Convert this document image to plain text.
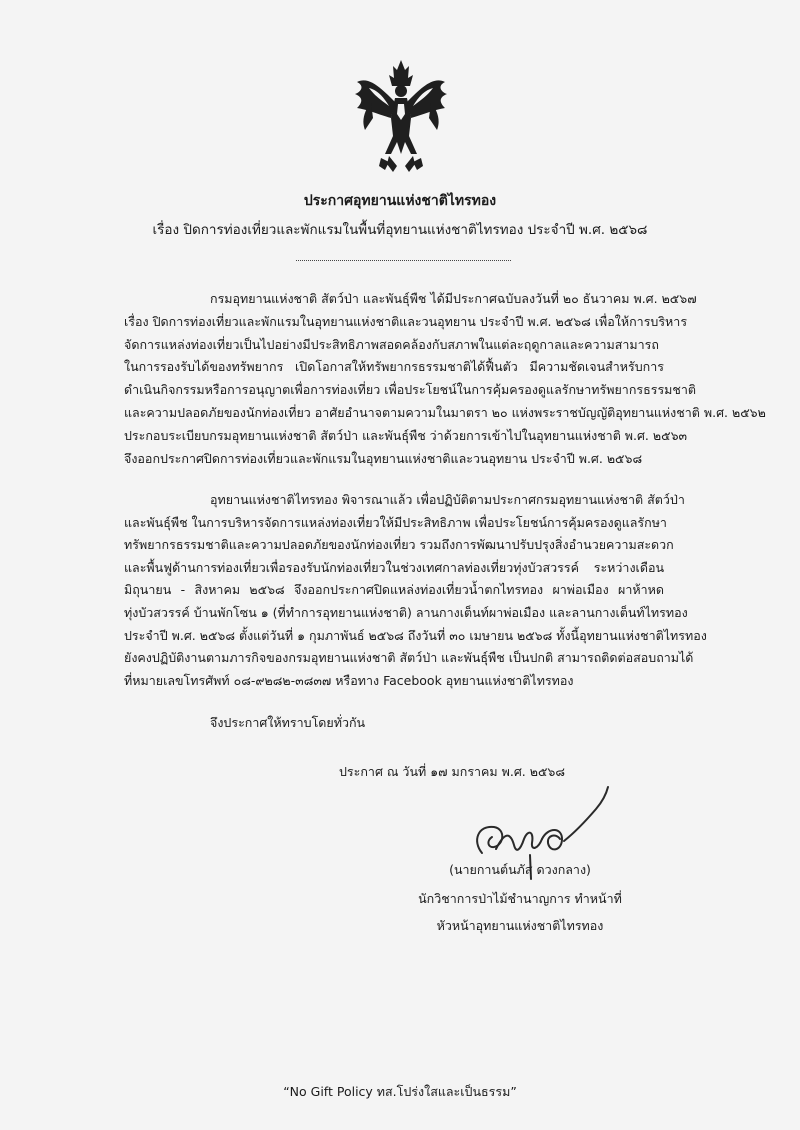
ประกาศอุทยานแห่งชาติไทรทอง
เรื่อง ปิดการท่องเที่ยวและพักแรมในพื้นที่อุทยานแห่งชาติไทรทอง ประจำปี พ.ศ. ๒๕๖๘
กรมอุทยานแห่งชาติ สัตว์ป่า และพันธุ์พืช ได้มีประกาศฉบับลงวันที่ ๒๐ ธันวาคม พ.ศ. ๒๕๖๗
เรื่อง ปิดการท่องเที่ยวและพักแรมในอุทยานแห่งชาติและวนอุทยาน ประจำปี พ.ศ. ๒๕๖๘ เพื่อให้การบริหาร
จัดการแหล่งท่องเที่ยวเป็นไปอย่างมีประสิทธิภาพสอดคล้องกับสภาพในแต่ละฤดูกาลและความสามารถ
ในการรองรับได้ของทรัพยากร เปิดโอกาสให้ทรัพยากรธรรมชาติได้ฟื้นตัว มีความชัดเจนสำหรับการ
ดำเนินกิจกรรมหรือการอนุญาตเพื่อการท่องเที่ยว เพื่อประโยชน์ในการคุ้มครองดูแลรักษาทรัพยากรธรรมชาติ
และความปลอดภัยของนักท่องเที่ยว อาศัยอำนาจตามความในมาตรา ๒๐ แห่งพระราชบัญญัติอุทยานแห่งชาติ พ.ศ. ๒๕๖๒
ประกอบระเบียบกรมอุทยานแห่งชาติ สัตว์ป่า และพันธุ์พืช ว่าด้วยการเข้าไปในอุทยานแห่งชาติ พ.ศ. ๒๕๖๓
จึงออกประกาศปิดการท่องเที่ยวและพักแรมในอุทยานแห่งชาติและวนอุทยาน ประจำปี พ.ศ. ๒๕๖๘
อุทยานแห่งชาติไทรทอง พิจารณาแล้ว เพื่อปฏิบัติตามประกาศกรมอุทยานแห่งชาติ สัตว์ป่า
และพันธุ์พืช ในการบริหารจัดการแหล่งท่องเที่ยวให้มีประสิทธิภาพ เพื่อประโยชน์การคุ้มครองดูแลรักษา
ทรัพยากรธรรมชาติและความปลอดภัยของนักท่องเที่ยว รวมถึงการพัฒนาปรับปรุงสิ่งอำนวยความสะดวก
และพื้นฟูด้านการท่องเที่ยวเพื่อรองรับนักท่องเที่ยวในช่วงเทศกาลท่องเที่ยวทุ่งบัวสวรรค์ ระหว่างเดือน
มิถุนายน - สิงหาคม ๒๕๖๘ จึงออกประกาศปิดแหล่งท่องเที่ยวน้ำตกไทรทอง ผาพ่อเมือง ผาห้าหด
ทุ่งบัวสวรรค์ บ้านพักโซน ๑ (ที่ทำการอุทยานแห่งชาติ) ลานกางเต็นท์ผาพ่อเมือง และลานกางเต็นท์ไทรทอง
ประจำปี พ.ศ. ๒๕๖๘ ตั้งแต่วันที่ ๑ กุมภาพันธ์ ๒๕๖๘ ถึงวันที่ ๓๐ เมษายน ๒๕๖๘ ทั้งนี้อุทยานแห่งชาติไทรทอง
ยังคงปฏิบัติงานตามภารกิจของกรมอุทยานแห่งชาติ สัตว์ป่า และพันธุ์พืช เป็นปกติ สามารถติดต่อสอบถามได้
ที่หมายเลขโทรศัพท์ ๐๘-๙๒๘๒-๓๘๓๗ หรือทาง Facebook อุทยานแห่งชาติไทรทอง
จึงประกาศให้ทราบโดยทั่วกัน
ประกาศ ณ วันที่ ๑๗ มกราคม พ.ศ. ๒๕๖๘
(นายกานต์นภัส ดวงกลาง)
นักวิชาการป่าไม้ชำนาญการ ทำหน้าที่
หัวหน้าอุทยานแห่งชาติไทรทอง
“No Gift Policy ทส.โปร่งใสและเป็นธรรม”
